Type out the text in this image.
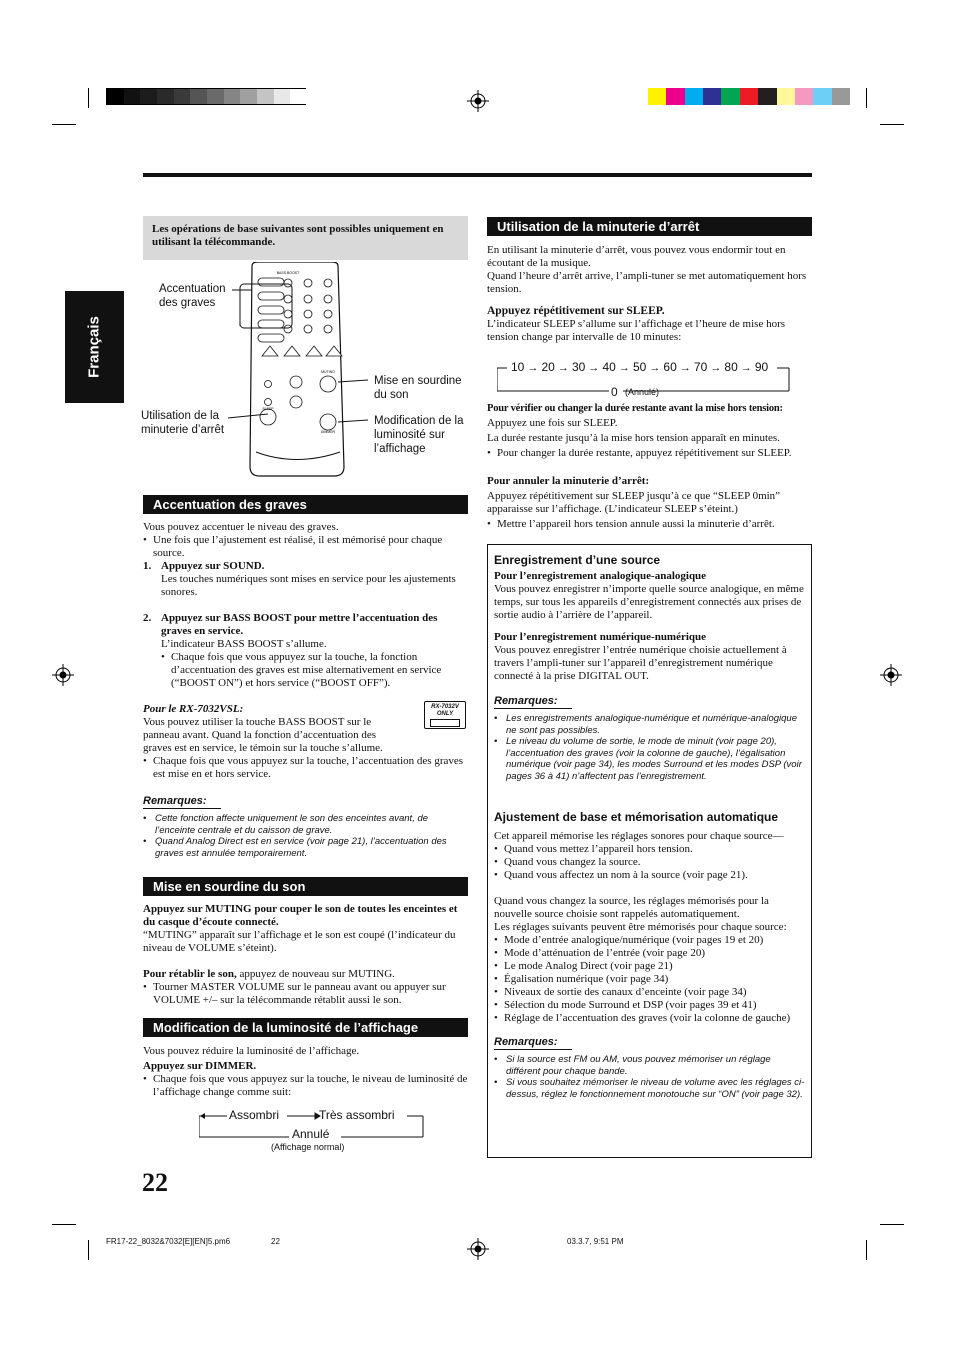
Français
Les opérations de base suivantes sont possibles uniquement en utilisant la télécommande.
BASS BOOST
MUTING
SLEEP
DIMMER
Accentuation des graves
Mise en sourdine du son
Utilisation de la minuterie d’arrêt
Modification de la luminosité sur l’affichage
Accentuation des graves

Vous pouvez accentuer le niveau des graves.

• Une fois que l’ajustement est réalisé, il est mémorisé pour chaque source.
1. Appuyez sur SOUND.

Les touches numériques sont mises en service pour les ajustements sonores.

2. Appuyez sur BASS BOOST pour mettre l’accentuation des graves en service.

L’indicateur BASS BOOST s’allume.

• Chaque fois que vous appuyez sur la touche, la fonction d’accentuation des graves est mise alternativement en service (“BOOST ON”) et hors service (“BOOST OFF”).

Pour le RX-7032VSL:

Vous pouvez utiliser la touche BASS BOOST sur le panneau avant. Quand la fonction d’accentuation des graves est en service, le témoin sur la touche s’allume.

• Chaque fois que vous appuyez sur la touche, l’accentuation des graves est mise en et hors service.
RX-7032V ONLY
Remarques:
• Cette fonction affecte uniquement le son des enceintes avant, de l’enceinte centrale et du caisson de grave.
• Quand Analog Direct est en service (voir page 21), l’accentuation des graves est annulée temporairement.
Mise en sourdine du son

Appuyez sur MUTING pour couper le son de toutes les enceintes et du casque d’écoute connecté.

“MUTING” apparaît sur l’affichage et le son est coupé (l’indicateur du niveau de VOLUME s’éteint).

Pour rétablir le son, appuyez de nouveau sur MUTING.

• Tourner MASTER VOLUME sur le panneau avant ou appuyer sur VOLUME +/– sur la télécommande rétablit aussi le son.
Modification de la luminosité de l’affichage

Vous pouvez réduire la luminosité de l’affichage.

Appuyez sur DIMMER.

• Chaque fois que vous appuyez sur la touche, le niveau de luminosité de l’affichage change comme suit:
Assombri	Très assombri
Annulé
(Affichage normal)
Utilisation de la minuterie d’arrêt

En utilisant la minuterie d’arrêt, vous pouvez vous endormir tout en écoutant de la musique.

Quand l’heure d’arrêt arrive, l’ampli-tuner se met automatiquement hors tension.

Appuyez répétitivement sur SLEEP.

L’indicateur SLEEP s’allume sur l’affichage et l’heure de mise hors tension change par intervalle de 10 minutes:

10 → 20 → 30 → 40 → 50 → 60 → 70 → 80 → 90
0 (Annulé)

Pour vérifier ou changer la durée restante avant la mise hors tension:

Appuyez une fois sur SLEEP.

La durée restante jusqu’à la mise hors tension apparaît en minutes.

• Pour changer la durée restante, appuyez répétitivement sur SLEEP.

Pour annuler la minuterie d’arrêt:

Appuyez répétitivement sur SLEEP jusqu’à ce que “SLEEP 0min” apparaisse sur l’affichage. (L’indicateur SLEEP s’éteint.)

• Mettre l’appareil hors tension annule aussi la minuterie d’arrêt.

Enregistrement d’une source

Pour l’enregistrement analogique-analogique

Vous pouvez enregistrer n’importe quelle source analogique, en même temps, sur tous les appareils d’enregistrement connectés aux prises de sortie audio à l’arrière de l’appareil.

Pour l’enregistrement numérique-numérique

Vous pouvez enregistrer l’entrée numérique choisie actuellement à travers l’ampli-tuner sur l’appareil d’enregistrement numérique connecté à la prise DIGITAL OUT.

Remarques:
• Les enregistrements analogique-numérique et numérique-analogique ne sont pas possibles.
• Le niveau du volume de sortie, le mode de minuit (voir page 20), l’accentuation des graves (voir la colonne de gauche), l’égalisation numérique (voir page 34), les modes Surround et les modes DSP (voir pages 36 à 41) n’affectent pas l’enregistrement.

Ajustement de base et mémorisation automatique

Cet appareil mémorise les réglages sonores pour chaque source—

• Quand vous mettez l’appareil hors tension.
• Quand vous changez la source.
• Quand vous affectez un nom à la source (voir page 21).

Quand vous changez la source, les réglages mémorisés pour la nouvelle source choisie sont rappelés automatiquement.

Les réglages suivants peuvent être mémorisés pour chaque source:

• Mode d’entrée analogique/numérique (voir pages 19 et 20)
• Mode d’atténuation de l’entrée (voir page 20)
• Le mode Analog Direct (voir page 21)
• Égalisation numérique (voir page 34)
• Niveaux de sortie des canaux d’enceinte (voir page 34)
• Sélection du mode Surround et DSP (voir pages 39 et 41)
• Réglage de l’accentuation des graves (voir la colonne de gauche)
Remarques:
• Si la source est FM ou AM, vous pouvez mémoriser un réglage différent pour chaque bande.
• Si vous souhaitez mémoriser le niveau de volume avec les réglages ci-dessus, réglez le fonctionnement monotouche sur “ON” (voir page 32).
22
FR17-22_8032&7032[E][EN]5.pm6	22	03.3.7, 9:51 PM
